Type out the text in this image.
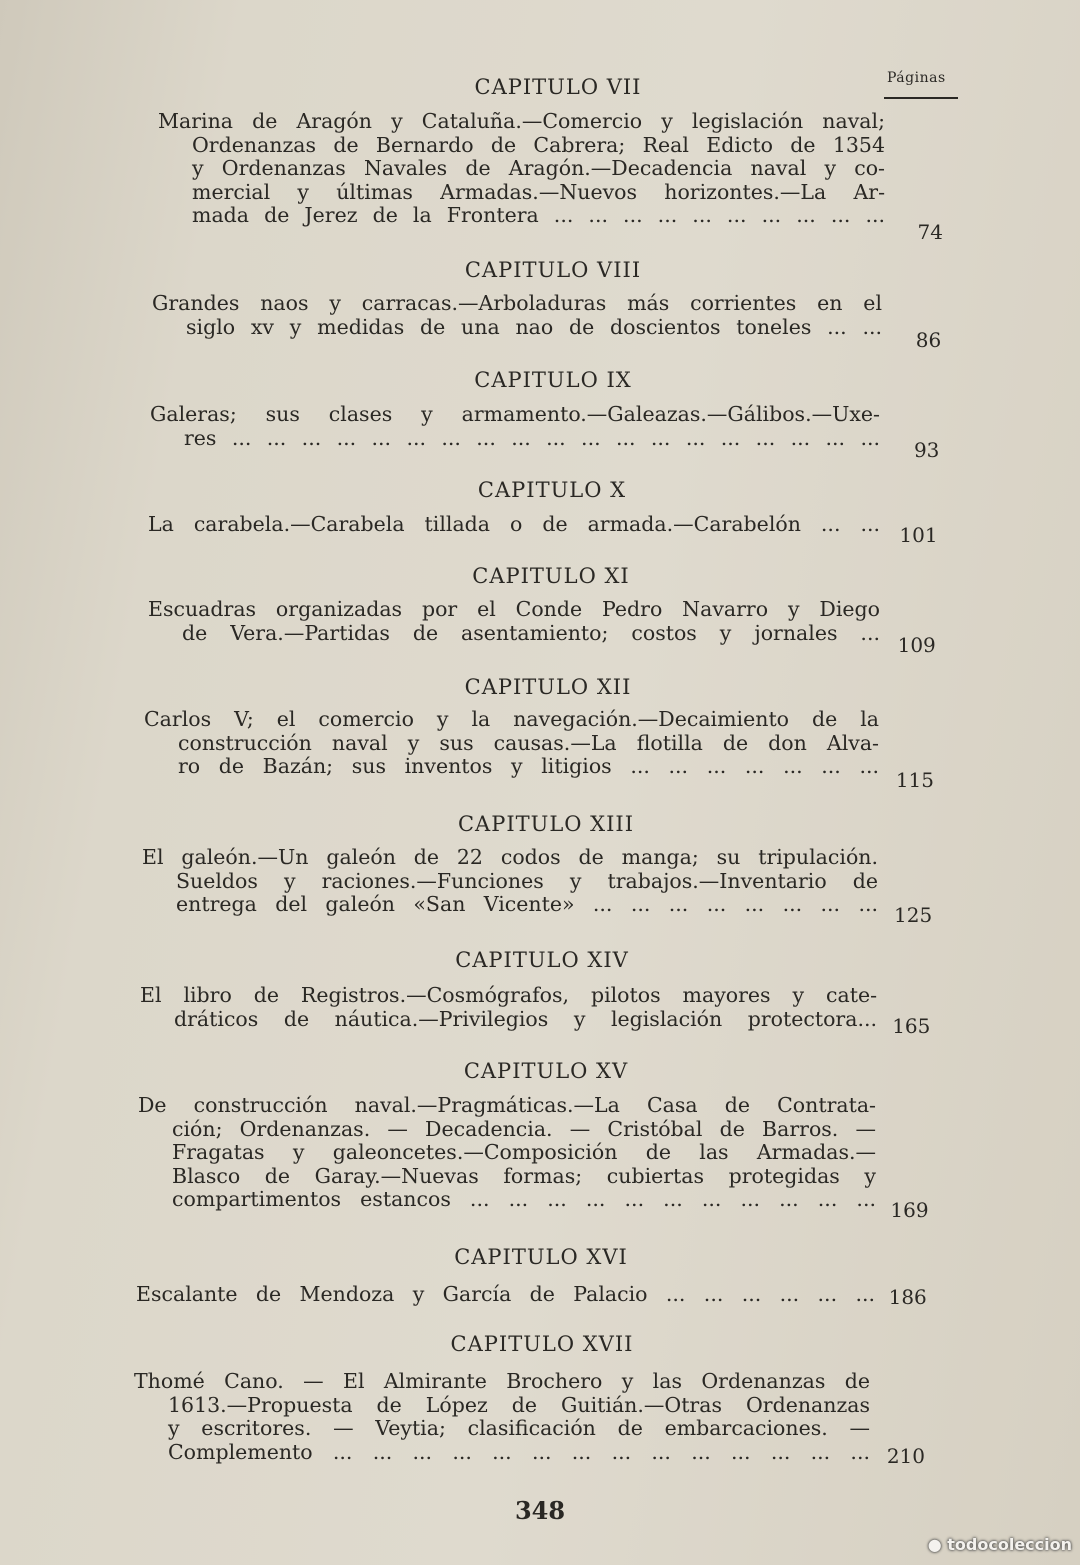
Páginas
CAPITULO VII
Marina de Aragón y Cataluña.—Comercio y legislación naval;
Ordenanzas de Bernardo de Cabrera; Real Edicto de 1354
y Ordenanzas Navales de Aragón.—Decadencia naval y co-
mercial y últimas Armadas.—Nuevos horizontes.—La Ar-
mada de Jerez de la Frontera ... ... ... ... ... ... ... ... ... ...
74
CAPITULO VIII
Grandes naos y carracas.—Arboladuras más corrientes en el
siglo xv y medidas de una nao de doscientos toneles ... ...
86
CAPITULO IX
Galeras; sus clases y armamento.—Galeazas.—Gálibos.—Uxe-
res ... ... ... ... ... ... ... ... ... ... ... ... ... ... ... ... ... ... ...
93
CAPITULO X
La carabela.—Carabela tillada o de armada.—Carabelón ... ... 101
CAPITULO XI
Escuadras organizadas por el Conde Pedro Navarro y Diego
de Vera.—Partidas de asentamiento; costos y jornales ...
109
CAPITULO XII
Carlos V; el comercio y la navegación.—Decaimiento de la
construcción naval y sus causas.—La flotilla de don Alva-
ro de Bazán; sus inventos y litigios ... ... ... ... ... ... ...
115
CAPITULO XIII
El galeón.—Un galeón de 22 codos de manga; su tripulación.
Sueldos y raciones.—Funciones y trabajos.—Inventario de
entrega del galeón «San Vicente» ... ... ... ... ... ... ... ... 125
CAPITULO XIV
El libro de Registros.—Cosmógrafos, pilotos mayores y cate-
dráticos de náutica.—Privilegios y legislación protectora... 165
CAPITULO XV
De construcción naval.—Pragmáticas.—La Casa de Contrata-
ción; Ordenanzas. — Decadencia. — Cristóbal de Barros. —
Fragatas y galeoncetes.—Composición de las Armadas.—
Blasco de Garay.—Nuevas formas; cubiertas protegidas y
compartimentos estancos ... ... ... ... ... ... ... ... ... ... ... 169
CAPITULO XVI
Escalante de Mendoza y García de Palacio ... ... ... ... ... ... 186
CAPITULO XVII
Thomé Cano. — El Almirante Brochero y las Ordenanzas de
1613.—Propuesta de López de Guitián.—Otras Ordenanzas
y escritores. — Veytia; clasificación de embarcaciones. —
Complemento ... ... ... ... ... ... ... ... ... ... ... ... ... ... 210
348
● todocoleccion
